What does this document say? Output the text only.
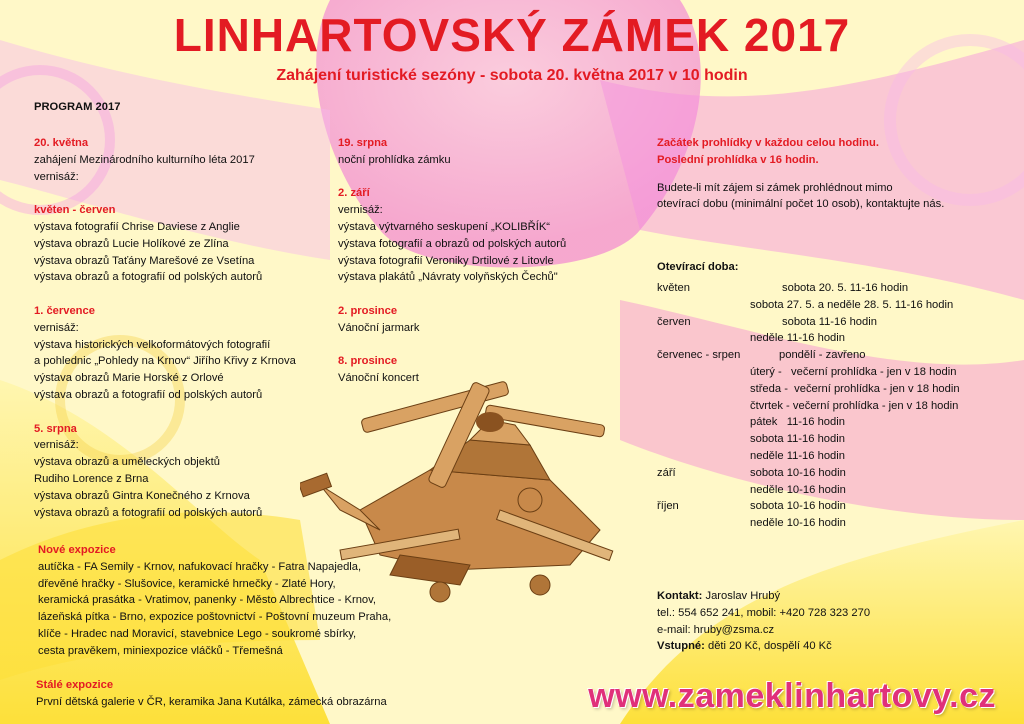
LINHARTOVSKÝ ZÁMEK 2017
Zahájení turistické sezóny - sobota 20. května 2017 v 10 hodin
PROGRAM 2017
20. května
zahájení Mezinárodního kulturního léta 2017
vernisáž:
květen - červen
výstava fotografií Chrise Daviese z Anglie
výstava obrazů Lucie Holíkové ze Zlína
výstava obrazů Taťány Marešové ze Vsetína
výstava obrazů a fotografií od polských autorů
1. července
vernisáž:
výstava historických velkoformátových fotografií
a pohlednic „Pohledy na Krnov“ Jiřího Křivy z Krnova
výstava obrazů Marie Horské z Orlové
výstava obrazů a fotografií od polských autorů
5. srpna
vernisáž:
výstava obrazů a uměleckých objektů
Rudiho Lorence z Brna
výstava obrazů Gintra Konečného z Krnova
výstava obrazů a fotografií od polských autorů
19. srpna
noční prohlídka zámku
2. září
vernisáž:
výstava výtvarného seskupení „KOLIBŘÍK“
výstava fotografií a obrazů od polských autorů
výstava fotografií Veroniky Drtilové z Litovle
výstava plakátů „Návraty volyňských Čechů"
2. prosince
Vánoční jarmark
8. prosince
Vánoční koncert
Nové expozice
autíčka - FA Semily - Krnov, nafukovací hračky - Fatra Napajedla,
dřevěné hračky - Slušovice, keramické hrnečky - Zlaté Hory,
keramická prasátka - Vratimov, panenky - Město Albrechtice - Krnov,
lázeňská pítka - Brno, expozice poštovnictví - Poštovní muzeum Praha,
klíče - Hradec nad Moravicí, stavebnice Lego - soukromé sbírky,
cesta pravěkem, miniexpozice vláčků - Třemešná
Stálé expozice
První dětská galerie v ČR, keramika Jana Kutálka, zámecká obrazárna
Začátek prohlídky v každou celou hodinu.
Poslední prohlídka v 16 hodin.
Budete-li mít zájem si zámek prohlédnout mimo
otevírací dobu (minimální počet 10 osob), kontaktujte nás.
Otevírací doba:
květen	sobota 20. 5. 11-16 hodin
sobota 27. 5. a neděle 28. 5. 11-16 hodin
červen	sobota 11-16 hodin
neděle 11-16 hodin
červenec - srpen	pondělí - zavřeno
úterý -   večerní prohlídka - jen v 18 hodin
středa -  večerní prohlídka - jen v 18 hodin
čtvrtek - večerní prohlídka - jen v 18 hodin
pátek   11-16 hodin
sobota 11-16 hodin
neděle 11-16 hodin
září	sobota 10-16 hodin
neděle 10-16 hodin
říjen	sobota 10-16 hodin
neděle 10-16 hodin
Kontakt: Jaroslav Hrubý
tel.: 554 652 241, mobil: +420 728 323 270
e-mail: hruby@zsma.cz
Vstupné: děti 20 Kč, dospělí 40 Kč
www.zameklinhartovy.cz
